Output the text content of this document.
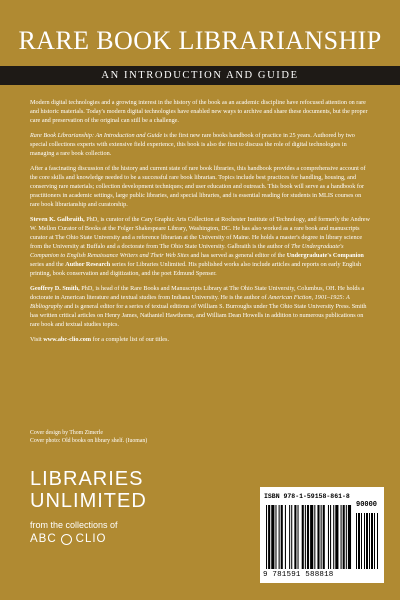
RARE BOOK LIBRARIANSHIP
AN INTRODUCTION AND GUIDE

Modern digital technologies and a growing interest in the history of the book as an academic discipline have refocused attention on rare and historic materials. Today's modern digital technologies have enabled new ways to archive and share these documents, but the proper care and preservation of the original can still be a challenge.

Rare Book Librarianship: An Introduction and Guide is the first new rare books handbook of practice in 25 years. Authored by two special collections experts with extensive field experience, this book is also the first to discuss the role of digital technologies in managing a rare book collection.

After a fascinating discussion of the history and current state of rare book libraries, this handbook provides a comprehensive account of the core skills and knowledge needed to be a successful rare book librarian. Topics include best practices for handling, housing, and conserving rare materials; collection development techniques; and user education and outreach. This book will serve as a handbook for practitioners in academic settings, large public libraries, and special libraries, and is essential reading for students in MLIS courses on rare book librarianship and curatorship.

Steven K. Galbraith, PhD, is curator of the Cary Graphic Arts Collection at Rochester Institute of Technology, and formerly the Andrew W. Mellon Curator of Books at the Folger Shakespeare Library, Washington, DC. He has also worked as a rare book and manuscripts curator at The Ohio State University and a reference librarian at the University of Maine. He holds a master's degree in library science from the University at Buffalo and a doctorate from The Ohio State University. Galbraith is the author of The Undergraduate's Companion to English Renaissance Writers and Their Web Sites and has served as general editor of the Undergraduate's Companion series and the Author Research series for Libraries Unlimited. His published works also include articles and reports on early English printing, book conservation and digitization, and the poet Edmund Spenser.

Geoffrey D. Smith, PhD, is head of the Rare Books and Manuscripts Library at The Ohio State University, Columbus, OH. He holds a doctorate in American literature and textual studies from Indiana University. He is the author of American Fiction, 1901–1925: A Bibliography and is general editor for a series of textual editions of William S. Burroughs under The Ohio State University Press. Smith has written critical articles on Henry James, Nathaniel Hawthorne, and William Dean Howells in addition to numerous publications on rare book and textual studies topics.

Visit www.abc-clio.com for a complete list of our titles.

Cover design by Thom Zimerle
Cover photo: Old books on library shelf. (Iuoman)
LIBRARIES
UNLIMITED
from the collections of
ABC CLIO
ISBN 978-1-59158-861-8
90000
9 781591 588818
